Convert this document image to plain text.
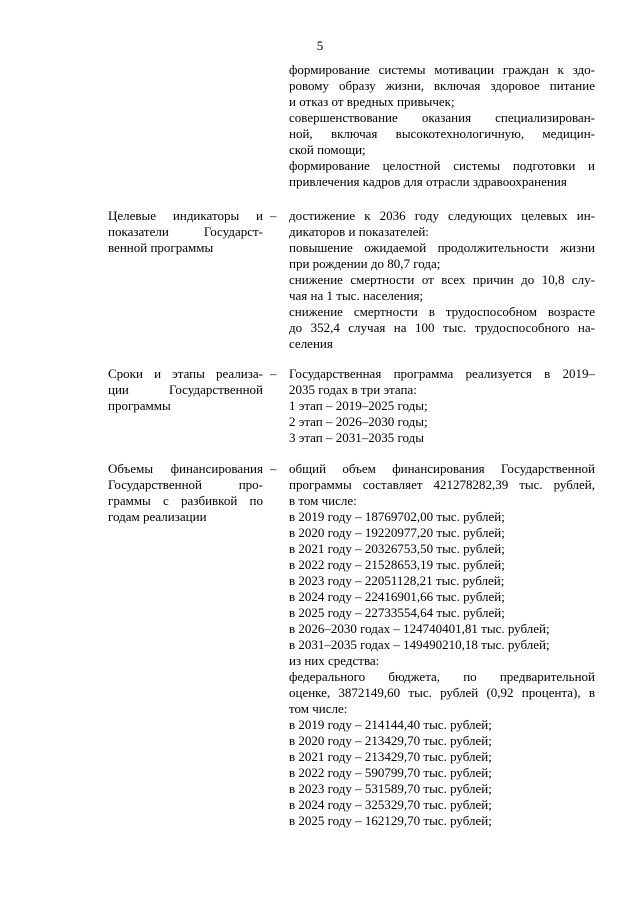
5
формирование системы мотивации граждан к здо-
ровому образу жизни, включая здоровое питание
и отказ от вредных привычек;
совершенствование оказания специализирован-
ной, включая высокотехнологичную, медицин-
ской помощи;
формирование целостной системы подготовки и
привлечения кадров для отрасли здравоохранения
Целевые индикаторы и
показатели Государст-
венной программы
– достижение к 2036 году следующих целевых ин-
дикаторов и показателей:
повышение ожидаемой продолжительности жизни
при рождении до 80,7 года;
снижение смертности от всех причин до 10,8 слу-
чая на 1 тыс. населения;
снижение смертности в трудоспособном возрасте
до 352,4 случая на 100 тыс. трудоспособного на-
селения
Сроки и этапы реализа-
ции Государственной
программы
– Государственная программа реализуется в 2019–
2035 годах в три этапа:
1 этап – 2019–2025 годы;
2 этап – 2026–2030 годы;
3 этап – 2031–2035 годы
Объемы финансирования
Государственной про-
граммы с разбивкой по
годам реализации
– общий объем финансирования Государственной
программы составляет 421278282,39 тыс. рублей,
в том числе:
в 2019 году – 18769702,00 тыс. рублей;
в 2020 году – 19220977,20 тыс. рублей;
в 2021 году – 20326753,50 тыс. рублей;
в 2022 году – 21528653,19 тыс. рублей;
в 2023 году – 22051128,21 тыс. рублей;
в 2024 году – 22416901,66 тыс. рублей;
в 2025 году – 22733554,64 тыс. рублей;
в 2026–2030 годах – 124740401,81 тыс. рублей;
в 2031–2035 годах – 149490210,18 тыс. рублей;
из них средства:
федерального бюджета, по предварительной
оценке, 3872149,60 тыс. рублей (0,92 процента), в
том числе:
в 2019 году – 214144,40 тыс. рублей;
в 2020 году – 213429,70 тыс. рублей;
в 2021 году – 213429,70 тыс. рублей;
в 2022 году – 590799,70 тыс. рублей;
в 2023 году – 531589,70 тыс. рублей;
в 2024 году – 325329,70 тыс. рублей;
в 2025 году – 162129,70 тыс. рублей;
